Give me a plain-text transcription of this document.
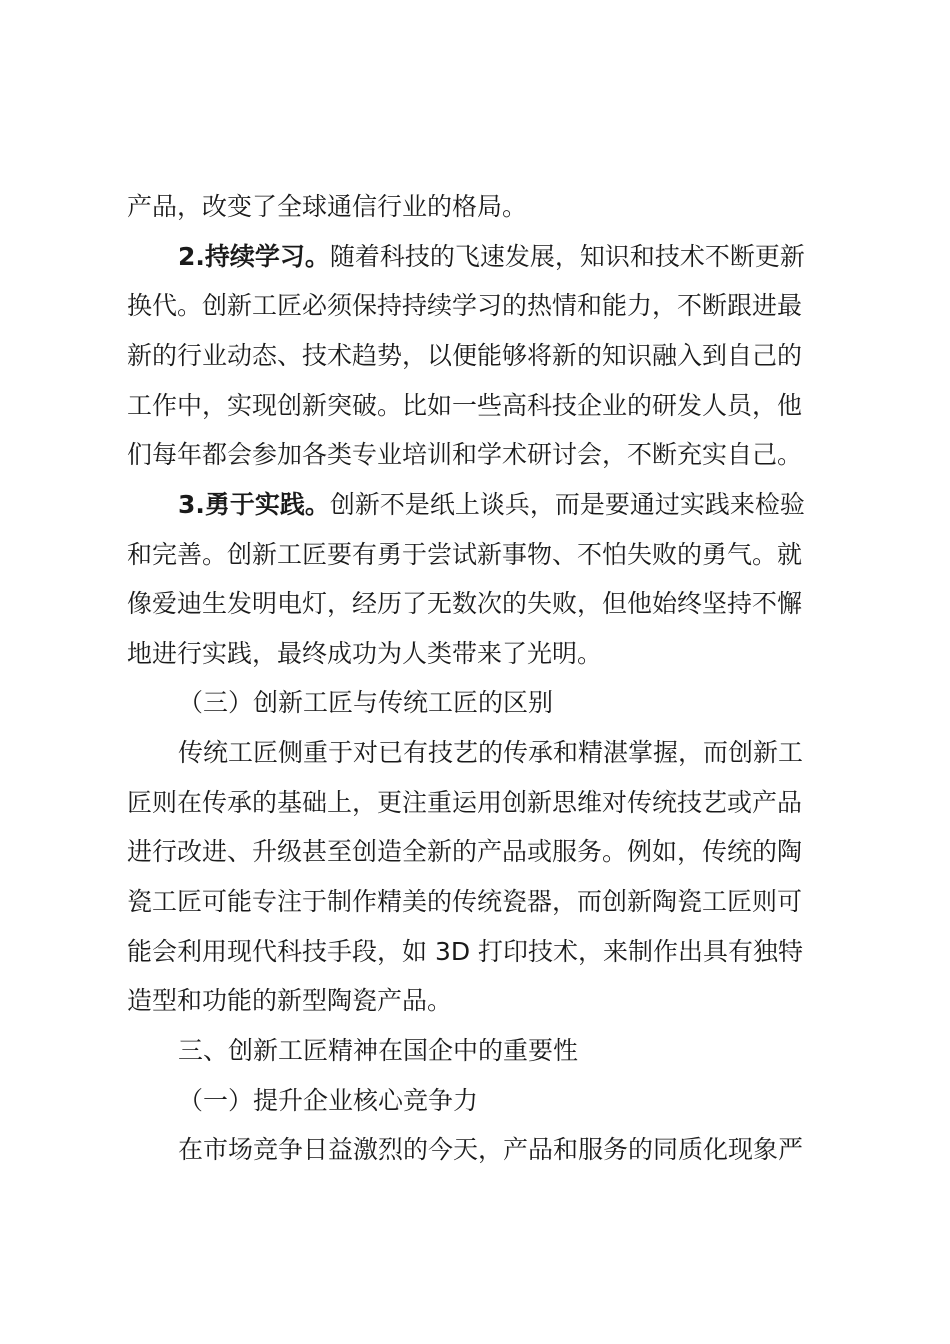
产品，改变了全球通信行业的格局。
2.持续学习。随着科技的飞速发展，知识和技术不断更新
换代。创新工匠必须保持持续学习的热情和能力，不断跟进最
新的行业动态、技术趋势，以便能够将新的知识融入到自己的
工作中，实现创新突破。比如一些高科技企业的研发人员，他
们每年都会参加各类专业培训和学术研讨会，不断充实自己。
3.勇于实践。创新不是纸上谈兵，而是要通过实践来检验
和完善。创新工匠要有勇于尝试新事物、不怕失败的勇气。就
像爱迪生发明电灯，经历了无数次的失败，但他始终坚持不懈
地进行实践，最终成功为人类带来了光明。
（三）创新工匠与传统工匠的区别
传统工匠侧重于对已有技艺的传承和精湛掌握，而创新工
匠则在传承的基础上，更注重运用创新思维对传统技艺或产品
进行改进、升级甚至创造全新的产品或服务。例如，传统的陶
瓷工匠可能专注于制作精美的传统瓷器，而创新陶瓷工匠则可
能会利用现代科技手段，如 3D 打印技术，来制作出具有独特
造型和功能的新型陶瓷产品。
三、创新工匠精神在国企中的重要性
（一）提升企业核心竞争力
在市场竞争日益激烈的今天，产品和服务的同质化现象严
